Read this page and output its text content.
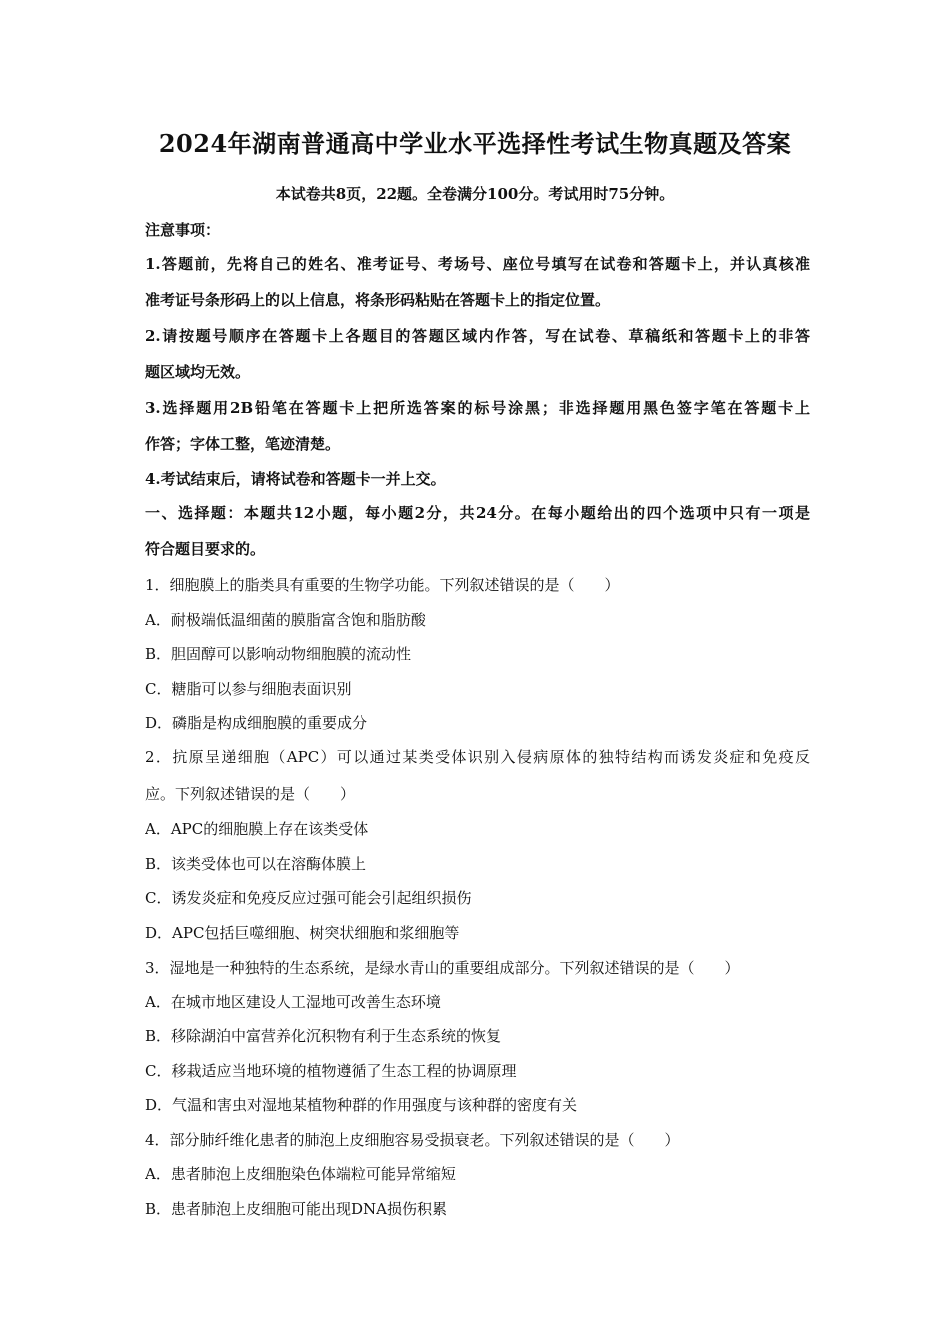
2024年湖南普通高中学业水平选择性考试生物真题及答案
本试卷共8页，22题。全卷满分100分。考试用时75分钟。
注意事项：
1.答题前，先将自己的姓名、准考证号、考场号、座位号填写在试卷和答题卡上，并认真核准
准考证号条形码上的以上信息，将条形码粘贴在答题卡上的指定位置。
2.请按题号顺序在答题卡上各题目的答题区域内作答，写在试卷、草稿纸和答题卡上的非答
题区域均无效。
3.选择题用2B铅笔在答题卡上把所选答案的标号涂黑；非选择题用黑色签字笔在答题卡上
作答；字体工整，笔迹清楚。
4.考试结束后，请将试卷和答题卡一并上交。
一、选择题：本题共12小题，每小题2分，共24分。在每小题给出的四个选项中只有一项是
符合题目要求的。
1．细胞膜上的脂类具有重要的生物学功能。下列叙述错误的是（　　）
A．耐极端低温细菌的膜脂富含饱和脂肪酸
B．胆固醇可以影响动物细胞膜的流动性
C．糖脂可以参与细胞表面识别
D．磷脂是构成细胞膜的重要成分
2．抗原呈递细胞（APC）可以通过某类受体识别入侵病原体的独特结构而诱发炎症和免疫反
应。下列叙述错误的是（　　）
A．APC的细胞膜上存在该类受体
B．该类受体也可以在溶酶体膜上
C．诱发炎症和免疫反应过强可能会引起组织损伤
D．APC包括巨噬细胞、树突状细胞和浆细胞等
3．湿地是一种独特的生态系统，是绿水青山的重要组成部分。下列叙述错误的是（　　）
A．在城市地区建设人工湿地可改善生态环境
B．移除湖泊中富营养化沉积物有利于生态系统的恢复
C．移栽适应当地环境的植物遵循了生态工程的协调原理
D．气温和害虫对湿地某植物种群的作用强度与该种群的密度有关
4．部分肺纤维化患者的肺泡上皮细胞容易受损衰老。下列叙述错误的是（　　）
A．患者肺泡上皮细胞染色体端粒可能异常缩短
B．患者肺泡上皮细胞可能出现DNA损伤积累
